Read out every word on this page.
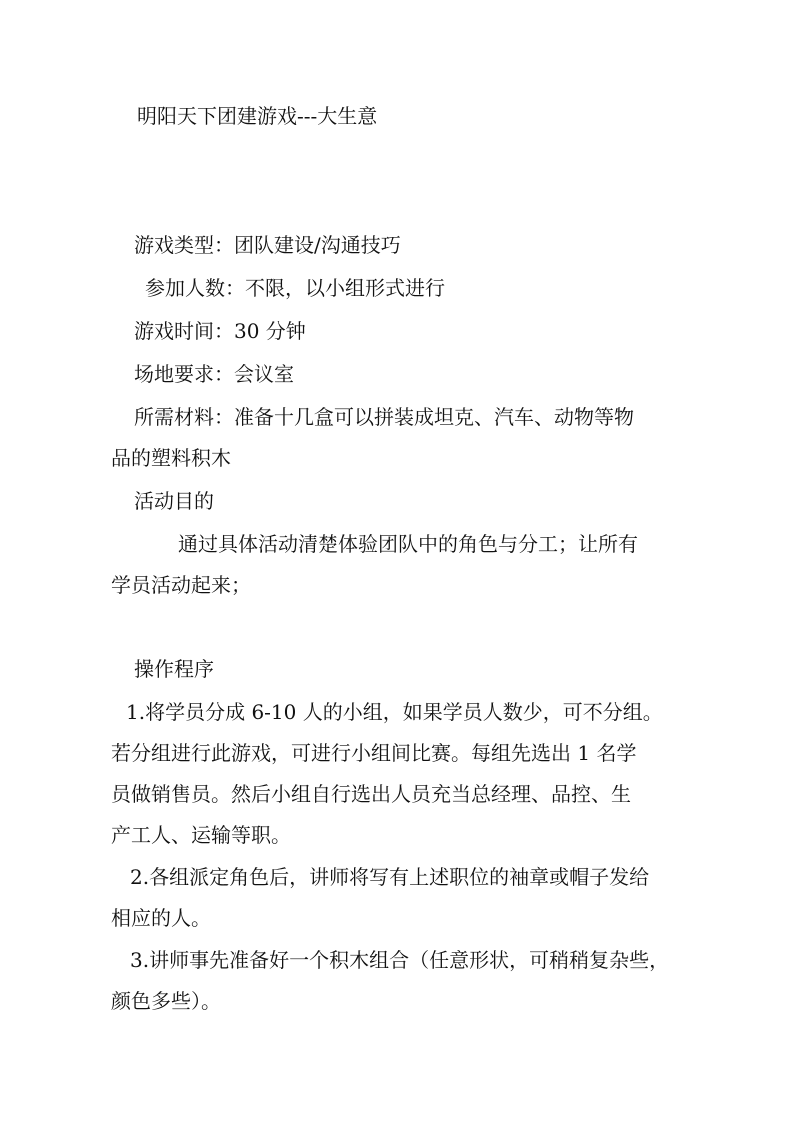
明阳天下团建游戏---大生意
游戏类型：团队建设/沟通技巧
参加人数：不限，以小组形式进行
游戏时间：30 分钟
场地要求：会议室
所需材料：准备十几盒可以拼装成坦克、汽车、动物等物
品的塑料积木
活动目的
通过具体活动清楚体验团队中的角色与分工；让所有
学员活动起来；
操作程序
1.将学员分成 6-10 人的小组，如果学员人数少，可不分组。
若分组进行此游戏，可进行小组间比赛。每组先选出 1 名学
员做销售员。然后小组自行选出人员充当总经理、品控、生
产工人、运输等职。
2.各组派定角色后，讲师将写有上述职位的袖章或帽子发给
相应的人。
3.讲师事先准备好一个积木组合（任意形状，可稍稍复杂些，
颜色多些）。
